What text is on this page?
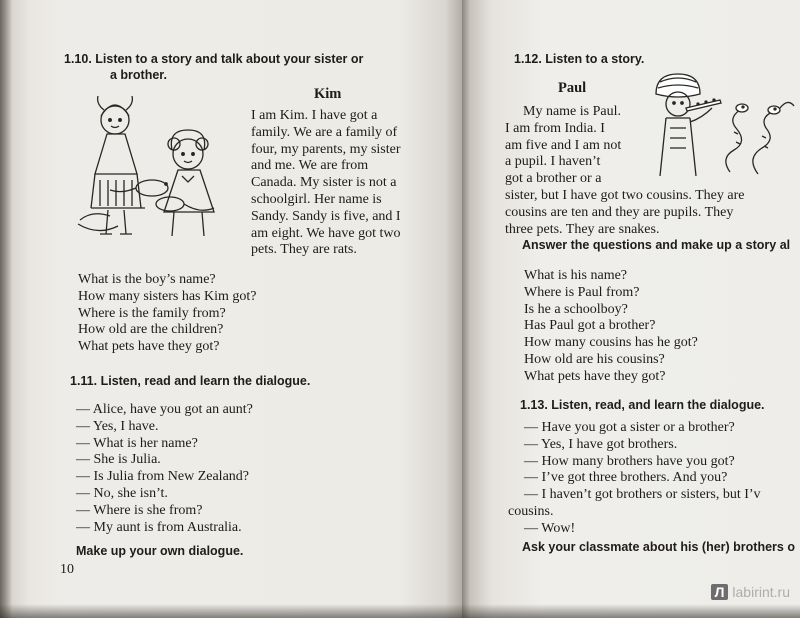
1.10. Listen to a story and talk about your sister or
a brother.
Kim
I am Kim. I have got a
family. We are a family of
four, my parents, my sister
and me. We are from
Canada. My sister is not a
schoolgirl. Her name is
Sandy. Sandy is five, and I
am eight. We have got two
pets. They are rats.
What is the boy’s name?
How many sisters has Kim got?
Where is the family from?
How old are the children?
What pets have they got?
1.11. Listen, read and learn the dialogue.
— Alice, have you got an aunt?
— Yes, I have.
— What is her name?
— She is Julia.
— Is Julia from New Zealand?
— No, she isn’t.
— Where is she from?
— My aunt is from Australia.
Make up your own dialogue.
10
1.12. Listen to a story.
Paul
My name is Paul.
I am from India. I
am five and I am not
a pupil. I haven’t
got a brother or a
sister, but I have got two cousins. They are
cousins are ten and they are pupils. They
three pets. They are snakes.
Answer the questions and make up a story al
What is his name?
Where is Paul from?
Is he a schoolboy?
Has Paul got a brother?
How many cousins has he got?
How old are his cousins?
What pets have they got?
1.13. Listen, read, and learn the dialogue.
— Have you got a sister or a brother?
— Yes, I have got brothers.
— How many brothers have you got?
— I’ve got three brothers. And you?
— I haven’t got brothers or sisters, but I’v
cousins.
— Wow!
Ask your classmate about his (her) brothers o
Л labirint.ru
